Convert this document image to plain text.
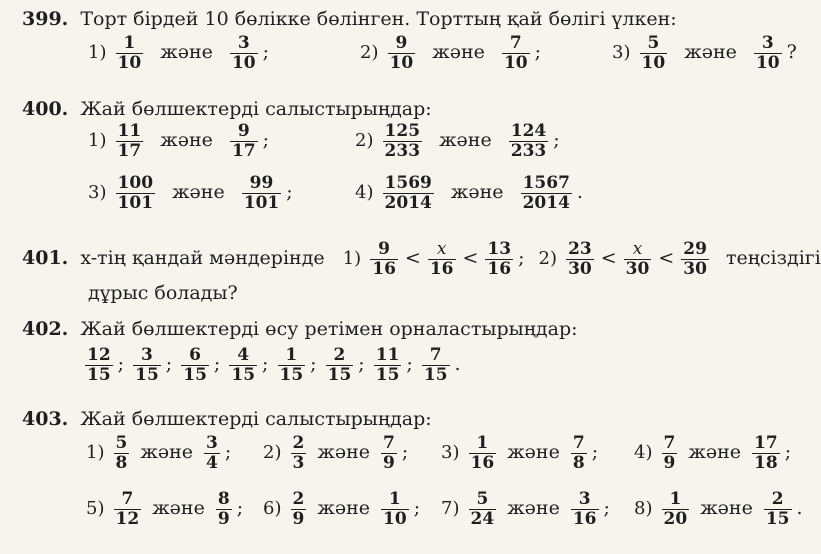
399. Торт бірдей 10 бөлікке бөлінген. Торттың қай бөлігі үлкен:
$1) \frac{1}{10}$ және $\frac{3}{10}$ ;	$2) \frac{9}{10}$ және $\frac{7}{10}$ ;	$3) \frac{5}{10}$ және $\frac{3}{10}$ ?
400. Жай бөлшектерді салыстырыңдар:
$1) \frac{11}{17}$ және $\frac{9}{17}$ ;	$2) \frac{125}{233}$ және $\frac{124}{233}$ ;
$3) \frac{100}{101}$ және $\frac{99}{101}$ ;	$4) \frac{1569}{2014}$ және $\frac{1567}{2014}$ .
401. x-тің қандай мәндерінде $1) \frac{9}{16} < \frac{x}{16} < \frac{13}{16}$ ; $2) \frac{23}{30} < \frac{x}{30} < \frac{29}{30}$ теңсіздігі
дұрыс болады?
402. Жай бөлшектерді өсу ретімен орналастырыңдар:
$\frac{12}{15}$ ; $\frac{3}{15}$ ; $\frac{6}{15}$ ; $\frac{4}{15}$ ; $\frac{1}{15}$ ; $\frac{2}{15}$ ; $\frac{11}{15}$ ; $\frac{7}{15}$ .
403. Жай бөлшектерді салыстырыңдар:
$1) \frac{5}{8}$ және $\frac{3}{4}$ ; $2) \frac{2}{3}$ және $\frac{7}{9}$ ; $3) \frac{1}{16}$ және $\frac{7}{8}$ ; $4) \frac{7}{9}$ және $\frac{17}{18}$ ;
$5) \frac{7}{12}$ және $\frac{8}{9}$ ; $6) \frac{2}{9}$ және $\frac{1}{10}$ ; $7) \frac{5}{24}$ және $\frac{3}{16}$ ; $8) \frac{1}{20}$ және $\frac{2}{15}$ .
